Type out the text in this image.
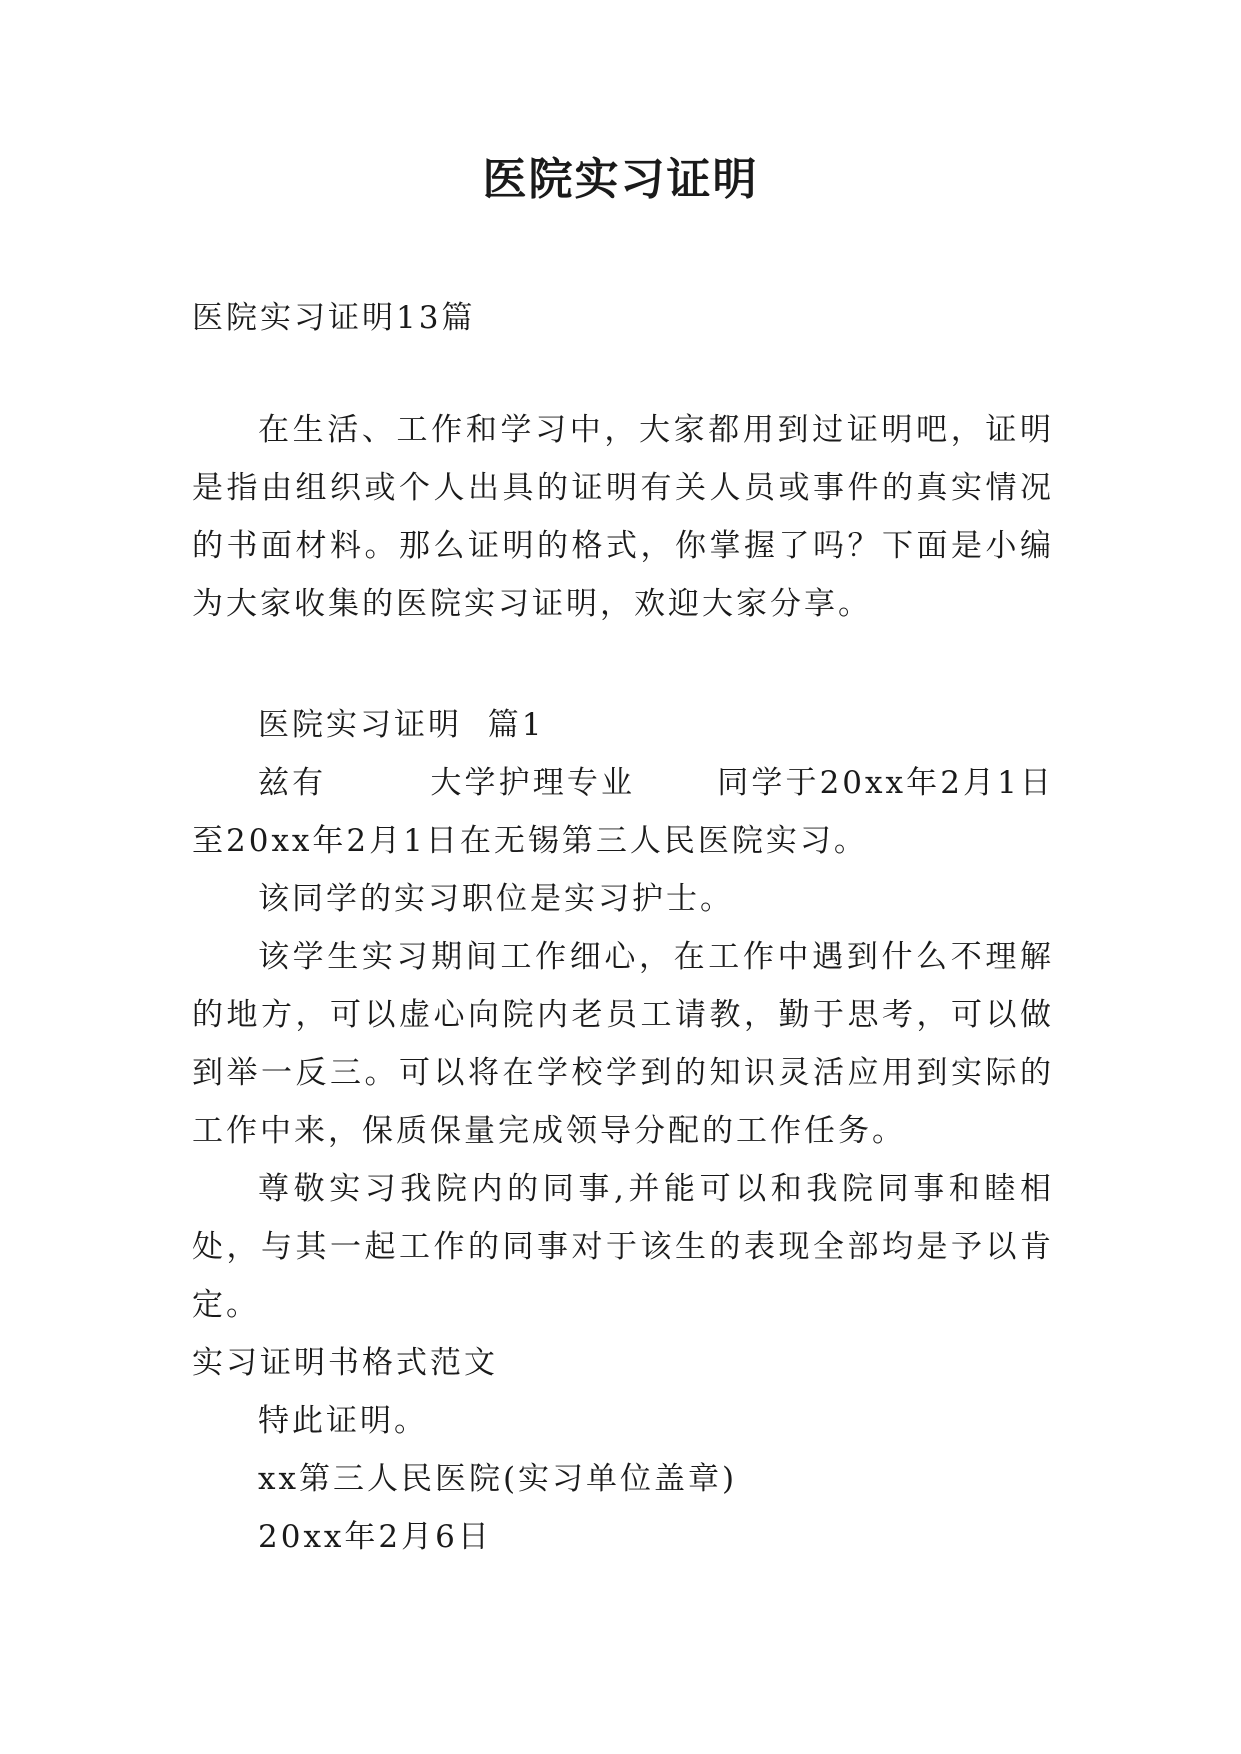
医院实习证明

医院实习证明13篇

在生活、工作和学习中，大家都用到过证明吧，证明是指由组织或个人出具的证明有关人员或事件的真实情况的书面材料。那么证明的格式，你掌握了吗？下面是小编为大家收集的医院实习证明，欢迎大家分享。

医院实习证明  篇1

兹有	大学护理专业	同学于20xx年2月1日至20xx年2月1日在无锡第三人民医院实习。

该同学的实习职位是实习护士。

该学生实习期间工作细心，在工作中遇到什么不理解的地方，可以虚心向院内老员工请教，勤于思考，可以做到举一反三。可以将在学校学到的知识灵活应用到实际的工作中来，保质保量完成领导分配的工作任务。

尊敬实习我院内的同事,并能可以和我院同事和睦相处，与其一起工作的同事对于该生的表现全部均是予以肯定。

实习证明书格式范文

特此证明。

xx第三人民医院(实习单位盖章)

20xx年2月6日
